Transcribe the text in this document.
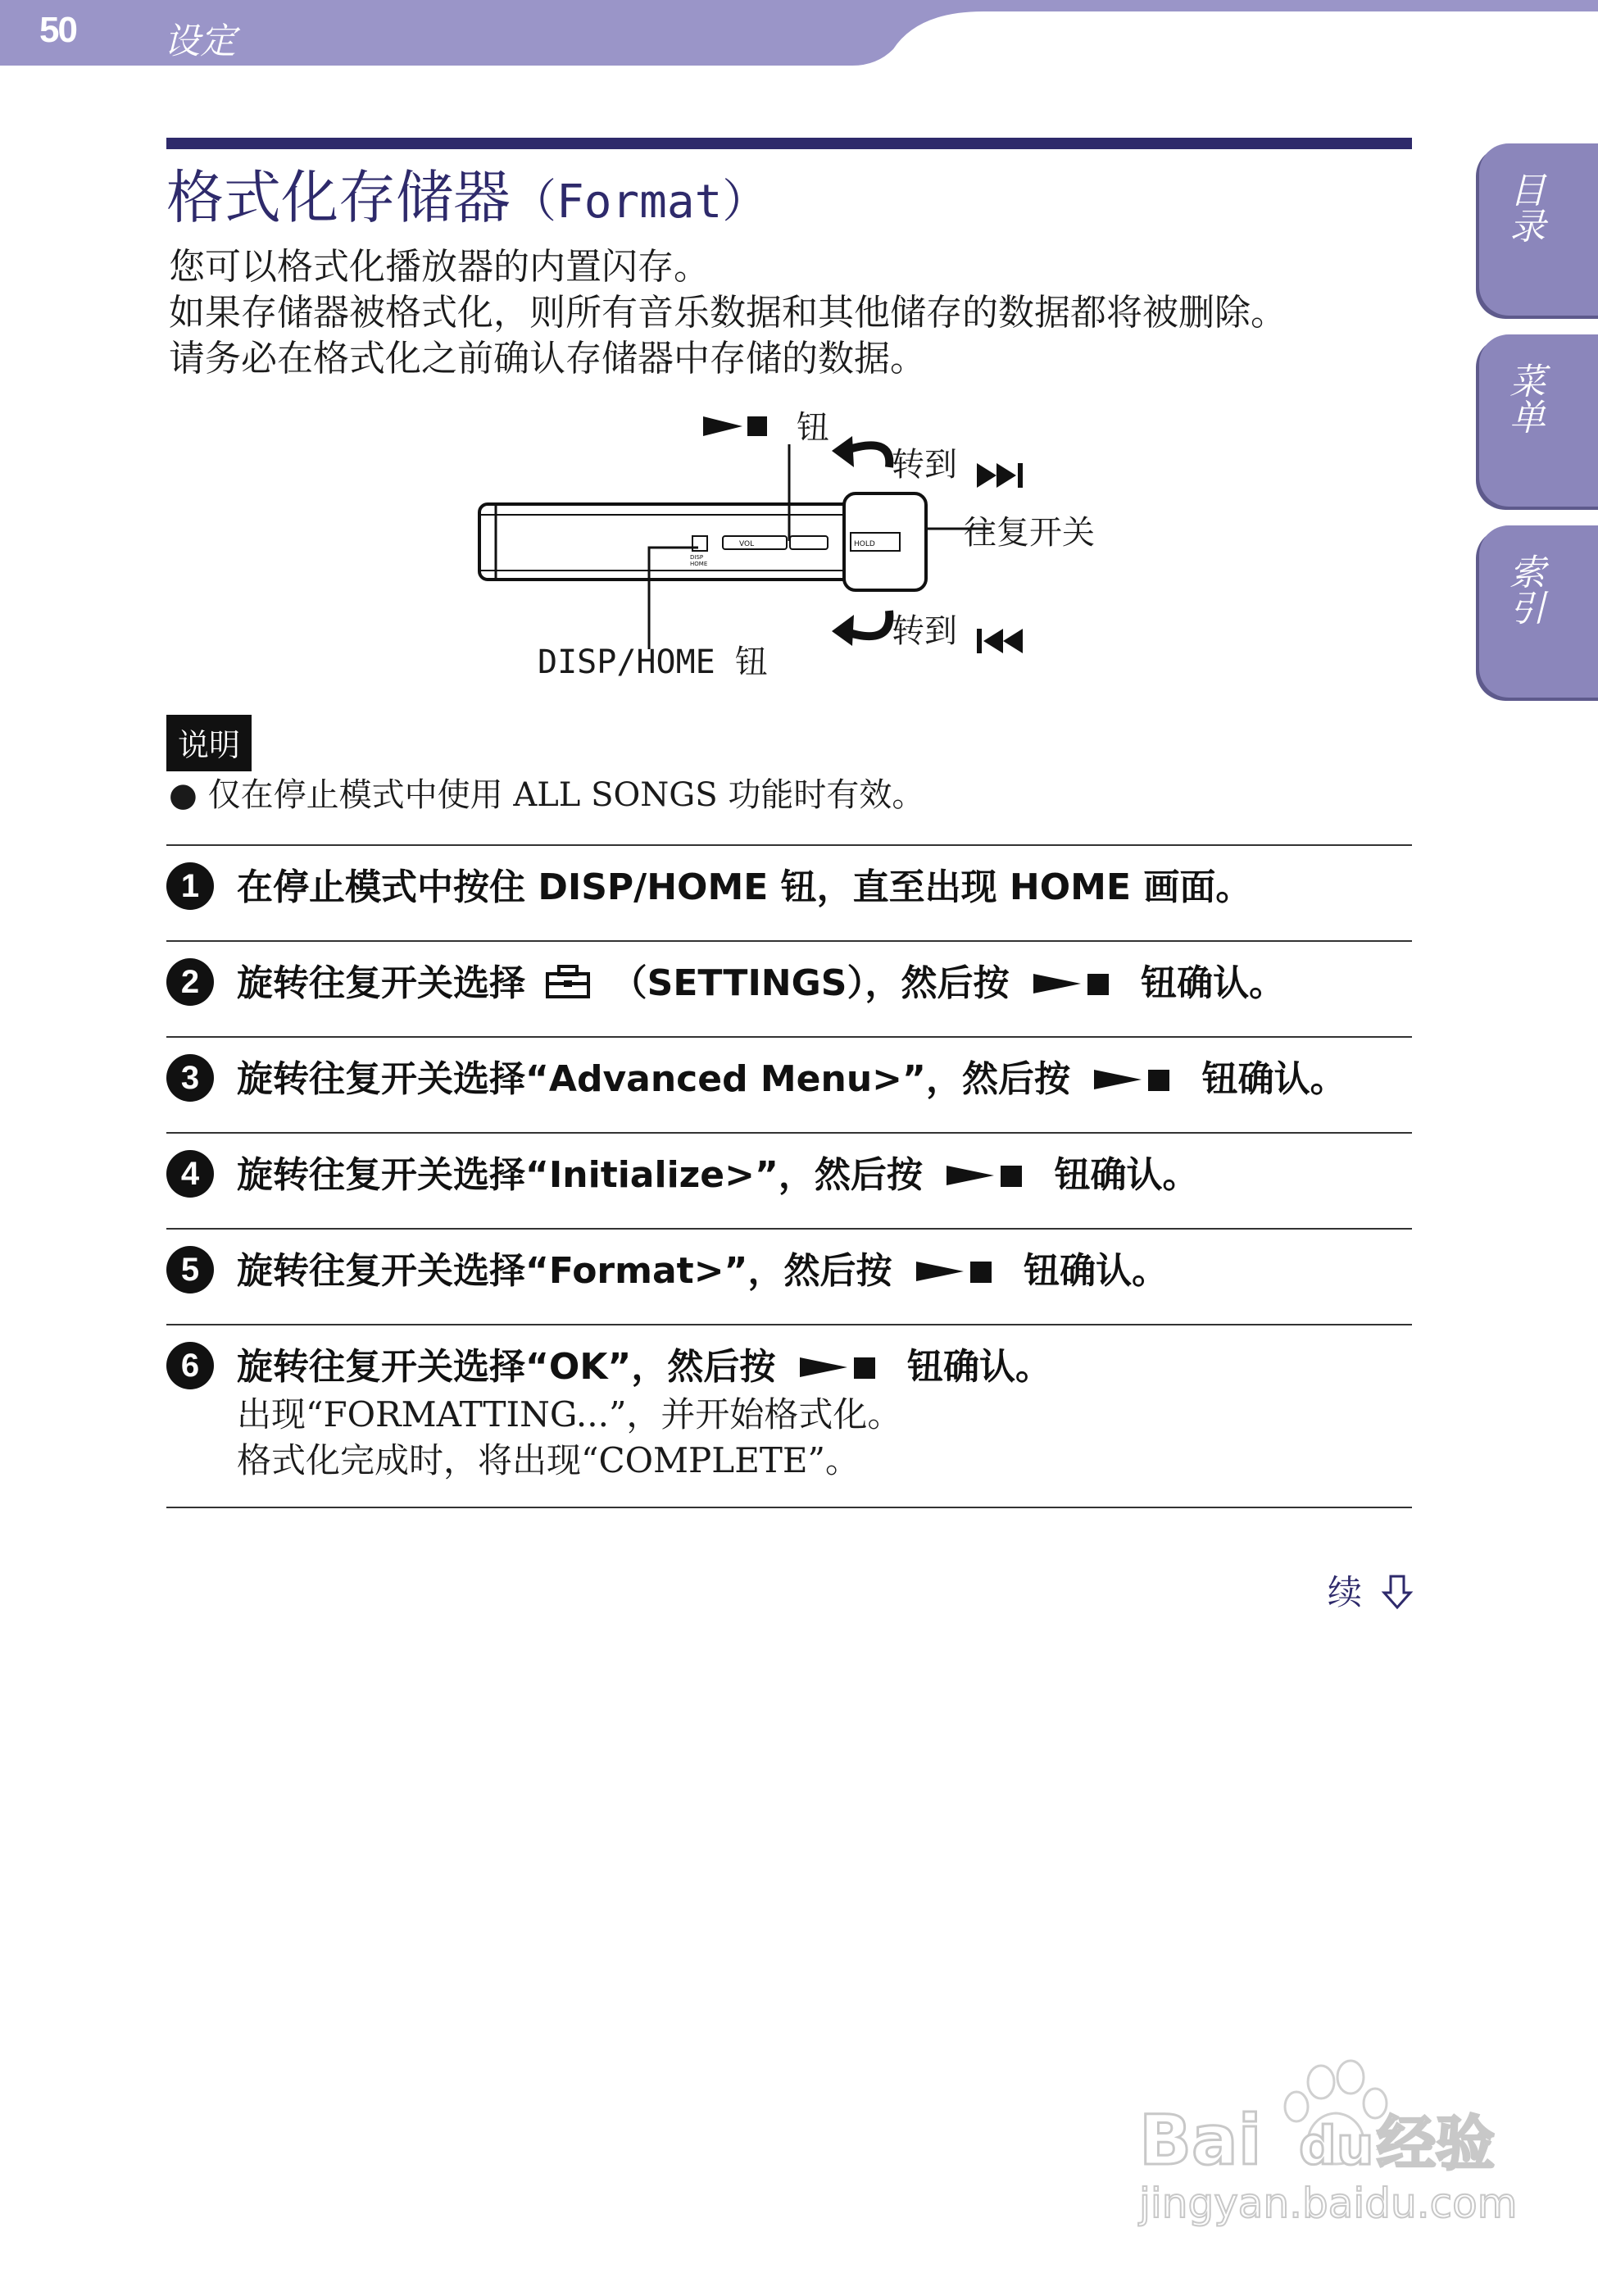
50 设定
目录
菜单
索引
格式化存储器（Format）
您可以格式化播放器的内置闪存。
如果存储器被格式化，则所有音乐数据和其他储存的数据都将被删除。
请务必在格式化之前确认存储器中存储的数据。
DISP
HOME
VOL	HOLD
钮
转到
往复开关
转到
DISP/HOME 钮
说明
● 仅在停止模式中使用 ALL SONGS 功能时有效。
1	在停止模式中按住 DISP/HOME 钮，直至出现 HOME 画面。
2	旋转往复开关选择 （SETTINGS），然后按	钮确认。
3	旋转往复开关选择“Advanced Menu>”，然后按	钮确认。
4	旋转往复开关选择“Initialize>”，然后按	钮确认。
5	旋转往复开关选择“Format>”，然后按	钮确认。
6	旋转往复开关选择“OK”，然后按	钮确认。
出现“FORMATTING...”，并开始格式化。
格式化完成时，将出现“COMPLETE”。
续
Bai du 经验
jingyan.baidu.com
